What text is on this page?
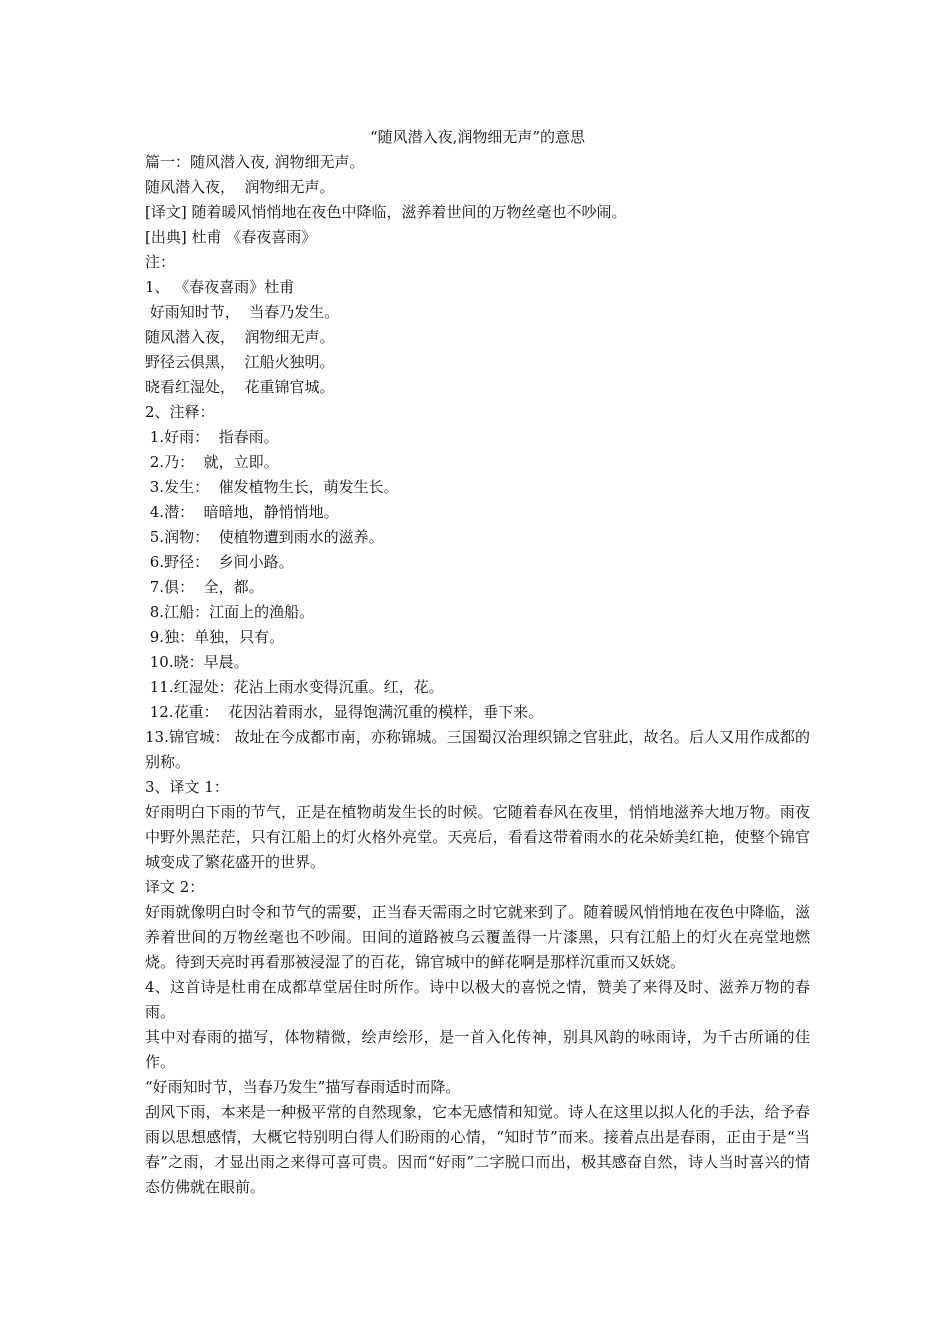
“随风潜入夜,润物细无声”的意思

篇一：随风潜入夜, 润物细无声。

随风潜入夜，  润物细无声。

[译文] 随着暖风悄悄地在夜色中降临，滋养着世间的万物丝毫也不吵闹。

[出典] 杜甫 《春夜喜雨》

注：

1、 《春夜喜雨》杜甫

好雨知时节，  当春乃发生。

随风潜入夜，  润物细无声。

野径云俱黑，  江船火独明。

晓看红湿处，  花重锦官城。

2、注释：

1.好雨：  指春雨。

2.乃：  就，立即。

3.发生：  催发植物生长，萌发生长。

4.潜：  暗暗地，静悄悄地。

5.润物：  使植物遭到雨水的滋养。

6.野径：  乡间小路。

7.俱：  全，都。

8.江船：江面上的渔船。

9.独：单独，只有。

10.晓：早晨。

11.红湿处：花沾上雨水变得沉重。红，花。

12.花重：  花因沾着雨水，显得饱满沉重的模样，垂下来。

13.锦官城： 故址在今成都市南，亦称锦城。三国蜀汉治理织锦之官驻此，故名。后人又用作成都的别称。

3、译文 1：

好雨明白下雨的节气，正是在植物萌发生长的时候。它随着春风在夜里，悄悄地滋养大地万物。雨夜中野外黑茫茫，只有江船上的灯火格外亮堂。天亮后，看看这带着雨水的花朵娇美红艳，使整个锦官城变成了繁花盛开的世界。

译文 2：

好雨就像明白时令和节气的需要，正当春天需雨之时它就来到了。随着暖风悄悄地在夜色中降临，滋养着世间的万物丝毫也不吵闹。田间的道路被乌云覆盖得一片漆黑，只有江船上的灯火在亮堂地燃烧。待到天亮时再看那被浸湿了的百花，锦官城中的鲜花啊是那样沉重而又妖娆。

4、这首诗是杜甫在成都草堂居住时所作。诗中以极大的喜悦之情，赞美了来得及时、滋养万物的春雨。

其中对春雨的描写，体物精微，绘声绘形，是一首入化传神，别具风韵的咏雨诗，为千古所诵的佳作。

“好雨知时节，当春乃发生”描写春雨适时而降。

刮风下雨，本来是一种极平常的自然现象，它本无感情和知觉。诗人在这里以拟人化的手法，给予春雨以思想感情，大概它特别明白得人们盼雨的心情，“知时节”而来。接着点出是春雨，正由于是“当春”之雨，才显出雨之来得可喜可贵。因而“好雨”二字脱口而出，极其感奋自然，诗人当时喜兴的情态仿佛就在眼前。
